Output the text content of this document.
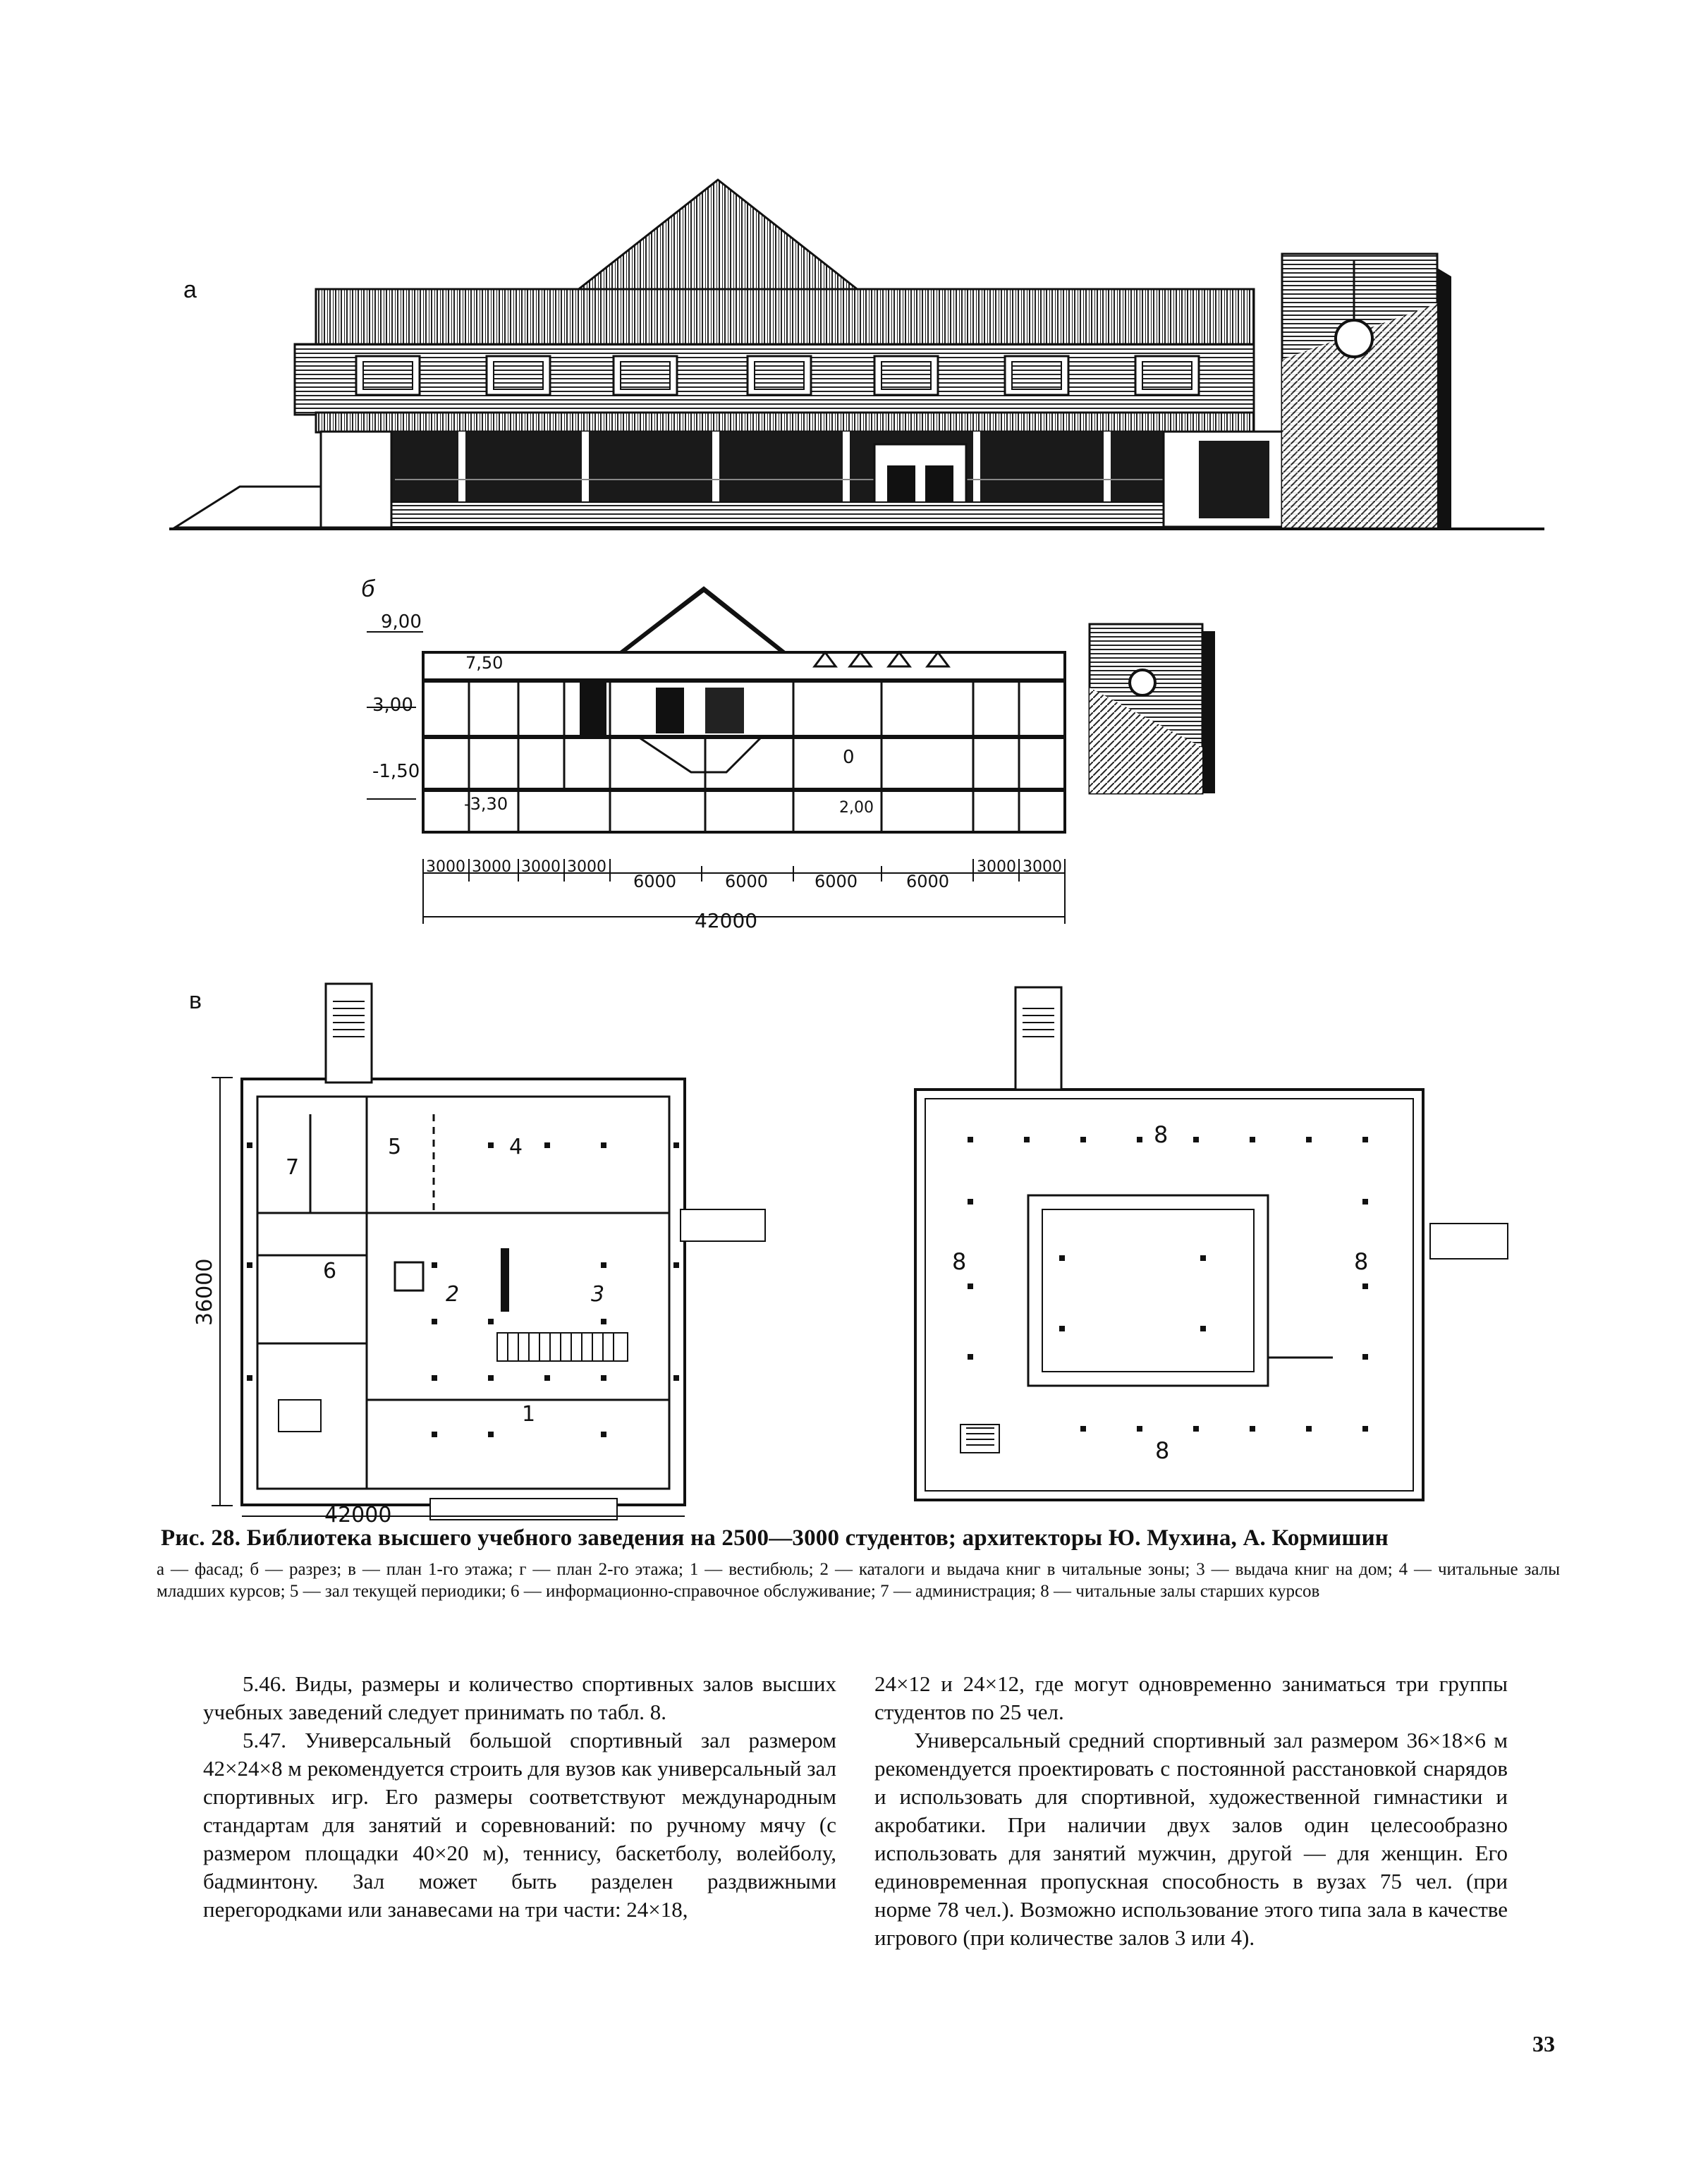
а
б
9,00
7,50
3,00
0
-1,50
-3,30	2,00
3000 3000 3000 3000
6000	6000	6000	6000
3000 3000
42000
в
1
2	3
4
5
6
7
36000
42000
8
8	8
8
Рис. 28. Библиотека высшего учебного заведения на 2500—3000 студентов; архитекторы Ю. Мухина, А. Кормишин
а — фасад; б — разрез; в — план 1-го этажа; г — план 2-го этажа; 1 — вестибюль; 2 — каталоги и выдача книг в читальные зоны; 3 — выдача книг на дом; 4 — читальные залы младших курсов; 5 — зал текущей периодики; 6 — информационно-справочное обслуживание; 7 — администрация; 8 — читальные залы старших курсов

5.46. Виды, размеры и количество спортивных залов высших учебных заведений следует принимать по табл. 8.

5.47. Универсальный большой спортивный зал размером 42×24×8 м рекомендуется строить для вузов как универсальный зал спортивных игр. Его размеры соответствуют международным стандартам для занятий и соревнований: по ручному мячу (с размером площадки 40×20 м), теннису, баскетболу, волейболу, бадминтону. Зал может быть разделен раздвижными перегородками или занавесами на три части: 24×18,

24×12 и 24×12, где могут одновременно заниматься три группы студентов по 25 чел.

Универсальный средний спортивный зал размером 36×18×6 м рекомендуется проектировать с постоянной расстановкой снарядов и использовать для спортивной, художественной гимнастики и акробатики. При наличии двух залов один целесообразно использовать для занятий мужчин, другой — для женщин. Его единовременная пропускная способность в вузах 75 чел. (при норме 78 чел.). Возможно использование этого типа зала в качестве игрового (при количестве залов 3 или 4).

33
